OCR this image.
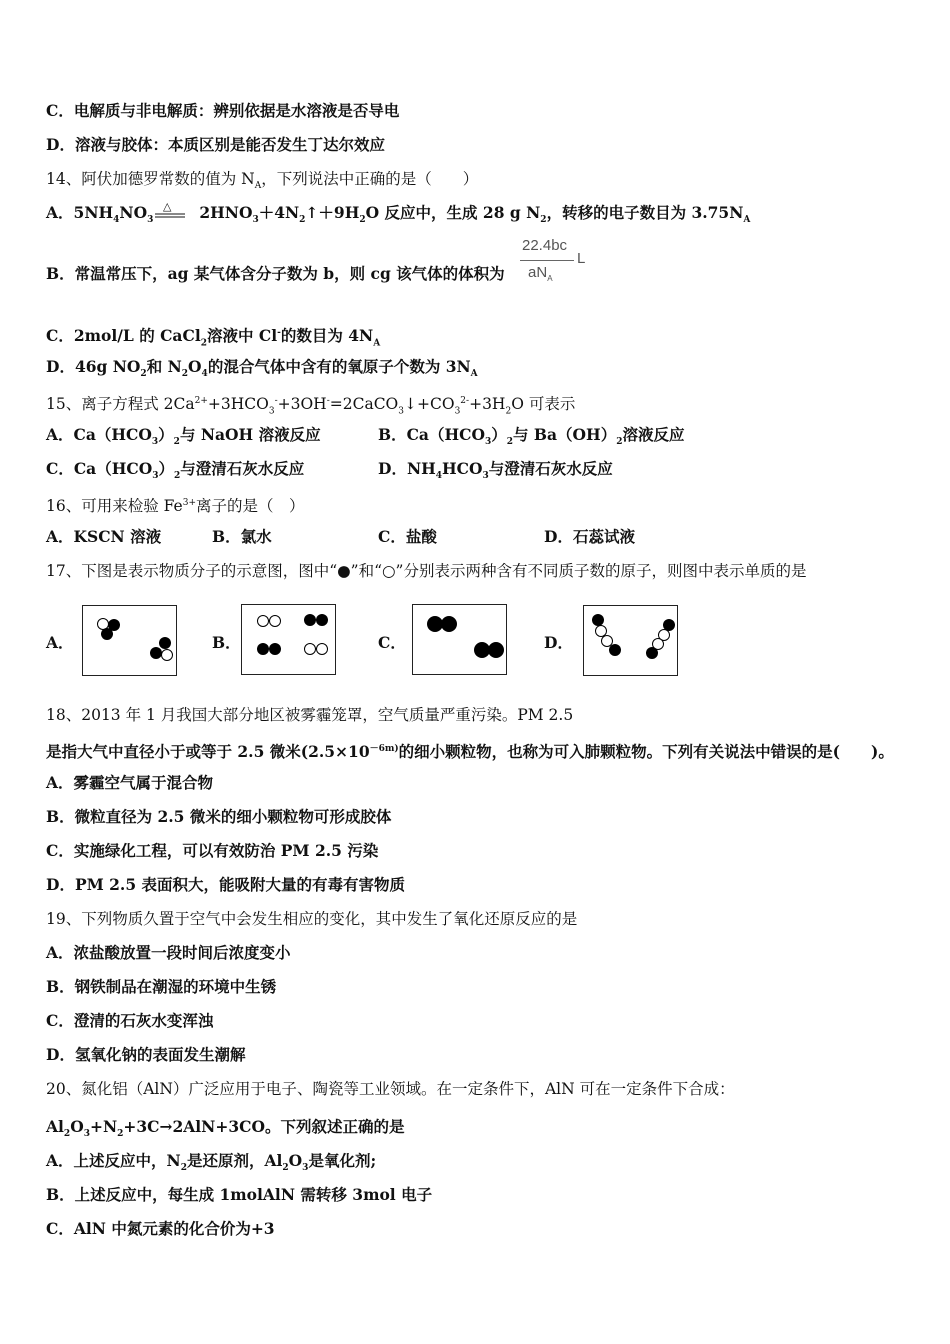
C．电解质与非电解质：辨别依据是水溶液是否导电
D．溶液与胶体：本质区别是能否发生丁达尔效应
14、阿伏加德罗常数的值为 $N_A$，下列说法中正确的是（　　）
A．$5NH_4NO_3$	$2HNO_3+4N_2↑+9H_2O$ 反应中，生成 28 g $N_2$，转移的电子数目为 $3.75N_A$
△
B．常温常压下，ag 某气体含分子数为 b，则 cg 该气体的体积为
22.4bc
$aN_A$
L
C．2mol/L 的 CaCl$_2$溶液中 Cl-的数目为 $4N_A$
D．46g $NO_2$和 $N_2O_4$的混合气体中含有的氧原子个数为 $3N_A$
15、离子方程式 $2Ca^{2+}+3HCO_3^-+3OH^-=2CaCO_3↓+CO_3^{2-}+3H_2O$ 可表示
A．$Ca(HCO_3)_2$与 NaOH 溶液反应	B．$Ca(HCO_3)_2$与 $Ba(OH)_2$溶液反应
C．$Ca(HCO_3)_2$与澄清石灰水反应	D．$NH_4HCO_3$与澄清石灰水反应
16、可用来检验 $Fe^{3+}$离子的是（　）
A．KSCN 溶液	B．氯水	C．盐酸	D．石蕊试液
17、下图是表示物质分子的示意图，图中“●”和“○”分别表示两种含有不同质子数的原子，则图中表示单质的是
A．	B．	C．	D．
18、2013 年 1 月我国大部分地区被雾霾笼罩，空气质量严重污染。PM 2.5
是指大气中直径小于或等于 2.5 微米($2.5\times 10^{-6m)}$的细小颗粒物，也称为可入肺颗粒物。下列有关说法中错误的是(　　)。
A．雾霾空气属于混合物
B．微粒直径为 2.5 微米的细小颗粒物可形成胶体
C．实施绿化工程，可以有效防治 PM 2.5 污染
D．PM 2.5 表面积大，能吸附大量的有毒有害物质
19、下列物质久置于空气中会发生相应的变化，其中发生了氧化还原反应的是
A．浓盐酸放置一段时间后浓度变小
B．钢铁制品在潮湿的环境中生锈
C．澄清的石灰水变浑浊
D．氢氧化钠的表面发生潮解
20、氮化铝（AlN）广泛应用于电子、陶瓷等工业领域。在一定条件下，AlN 可在一定条件下合成：
$Al_2O_3+N_2+3C\to 2AlN+3CO$。下列叙述正确的是
A．上述反应中，$N_2$是还原剂，$Al_2O_3$是氧化剂;
B．上述反应中，每生成 1molAlN 需转移 3mol 电子
C．AlN 中氮元素的化合价为+3
